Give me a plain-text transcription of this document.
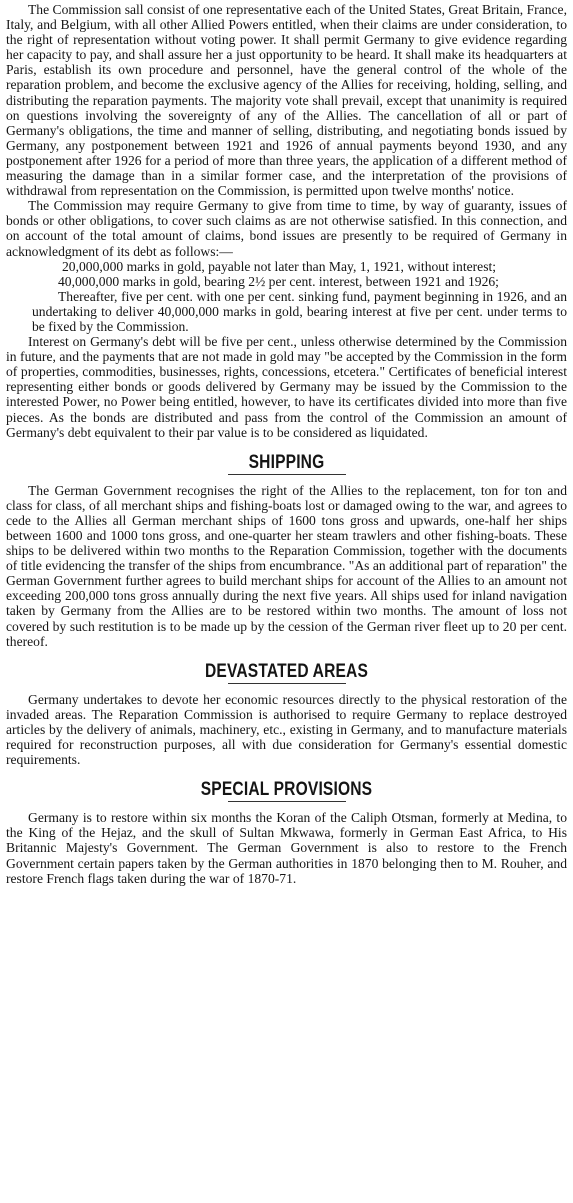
The Commission sall consist of one representative each of the United States, Great Britain, France, Italy, and Belgium, with all other Allied Powers entitled, when their claims are under consideration, to the right of representation without voting power. It shall permit Germany to give evidence regarding her capacity to pay, and shall assure her a just opportunity to be heard. It shall make its headquarters at Paris, establish its own procedure and personnel, have the general control of the whole of the reparation problem, and become the exclusive agency of the Allies for receiving, holding, selling, and distributing the reparation payments. The majority vote shall prevail, except that unanimity is required on questions involving the sovereignty of any of the Allies. The cancellation of all or part of Germany's obligations, the time and manner of selling, distributing, and negotiating bonds issued by Germany, any postponement between 1921 and 1926 of annual payments beyond 1930, and any postponement after 1926 for a period of more than three years, the application of a different method of measuring the damage than in a similar former case, and the interpretation of the provisions of withdrawal from representation on the Commission, is permitted upon twelve months' notice.

The Commission may require Germany to give from time to time, by way of guaranty, issues of bonds or other obligations, to cover such claims as are not otherwise satisfied. In this connection, and on account of the total amount of claims, bond issues are presently to be required of Germany in acknowledgment of its debt as follows:—

20,000,000 marks in gold, payable not later than May, 1, 1921, without interest;

40,000,000 marks in gold, bearing 2½ per cent. interest, between 1921 and 1926;

Thereafter, five per cent. with one per cent. sinking fund, payment beginning in 1926, and an undertaking to deliver 40,000,000 marks in gold, bearing interest at five per cent. under terms to be fixed by the Commission.

Interest on Germany's debt will be five per cent., unless otherwise determined by the Commission in future, and the payments that are not made in gold may "be accepted by the Commission in the form of properties, commodities, businesses, rights, concessions, etcetera." Certificates of beneficial interest representing either bonds or goods delivered by Germany may be issued by the Commission to the interested Power, no Power being entitled, however, to have its certificates divided into more than five pieces. As the bonds are distributed and pass from the control of the Commission an amount of Germany's debt equivalent to their par value is to be considered as liquidated.

SHIPPING

The German Government recognises the right of the Allies to the replacement, ton for ton and class for class, of all merchant ships and fishing-boats lost or damaged owing to the war, and agrees to cede to the Allies all German merchant ships of 1600 tons gross and upwards, one-half her ships between 1600 and 1000 tons gross, and one-quarter her steam trawlers and other fishing-boats. These ships to be delivered within two months to the Reparation Commission, together with the documents of title evidencing the transfer of the ships from encumbrance. "As an additional part of reparation" the German Government further agrees to build merchant ships for account of the Allies to an amount not exceeding 200,000 tons gross annually during the next five years. All ships used for inland navigation taken by Germany from the Allies are to be restored within two months. The amount of loss not covered by such restitution is to be made up by the cession of the German river fleet up to 20 per cent. thereof.

DEVASTATED AREAS

Germany undertakes to devote her economic resources directly to the physical restoration of the invaded areas. The Reparation Commission is authorised to require Germany to replace destroyed articles by the delivery of animals, machinery, etc., existing in Germany, and to manufacture materials required for reconstruction purposes, all with due consideration for Germany's essential domestic requirements.

SPECIAL PROVISIONS

Germany is to restore within six months the Koran of the Caliph Otsman, formerly at Medina, to the King of the Hejaz, and the skull of Sultan Mkwawa, formerly in German East Africa, to His Britannic Majesty's Government. The German Government is also to restore to the French Government certain papers taken by the German authorities in 1870 belonging then to M. Rouher, and restore French flags taken during the war of 1870-71.
